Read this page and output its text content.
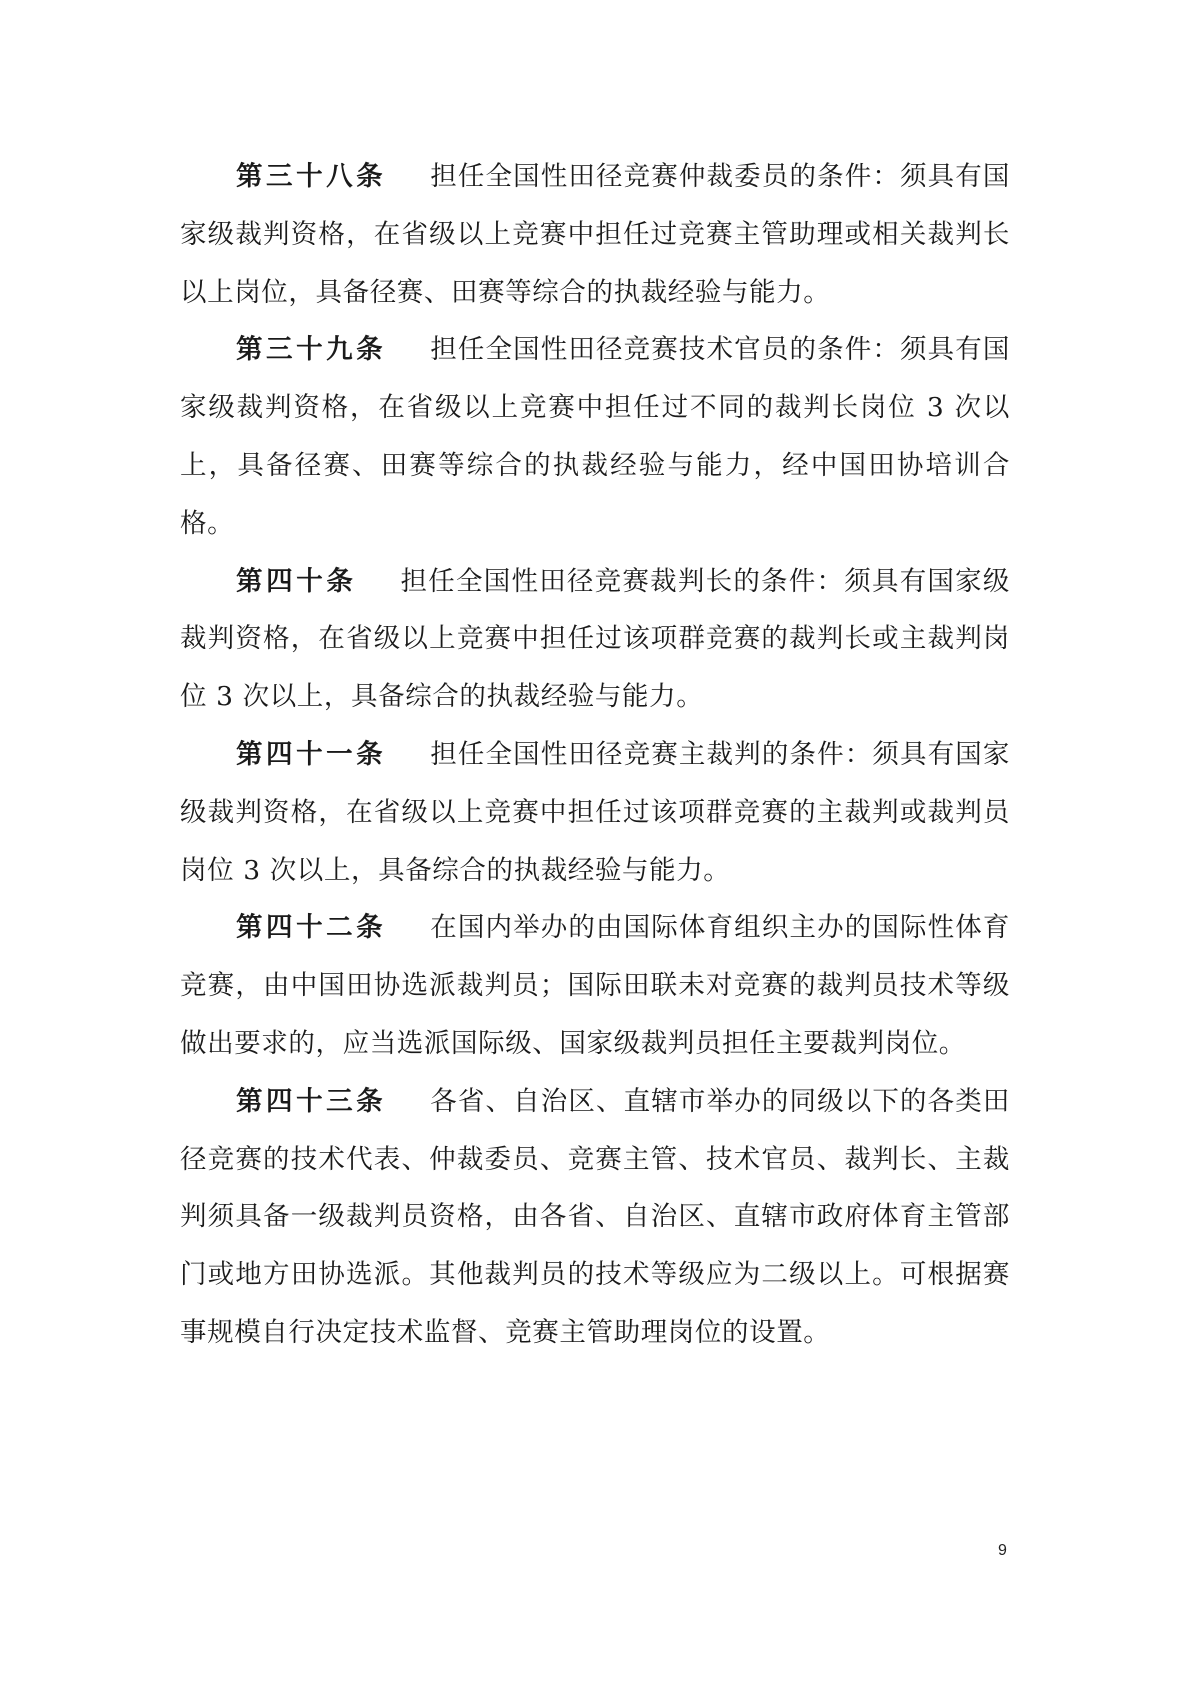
第三十八条 担任全国性田径竞赛仲裁委员的条件：须具有国家级裁判资格，在省级以上竞赛中担任过竞赛主管助理或相关裁判长以上岗位，具备径赛、田赛等综合的执裁经验与能力。

第三十九条 担任全国性田径竞赛技术官员的条件：须具有国家级裁判资格，在省级以上竞赛中担任过不同的裁判长岗位 3 次以上，具备径赛、田赛等综合的执裁经验与能力，经中国田协培训合格。

第四十条 担任全国性田径竞赛裁判长的条件：须具有国家级裁判资格，在省级以上竞赛中担任过该项群竞赛的裁判长或主裁判岗位 3 次以上，具备综合的执裁经验与能力。

第四十一条 担任全国性田径竞赛主裁判的条件：须具有国家级裁判资格，在省级以上竞赛中担任过该项群竞赛的主裁判或裁判员岗位 3 次以上，具备综合的执裁经验与能力。

第四十二条 在国内举办的由国际体育组织主办的国际性体育竞赛，由中国田协选派裁判员；国际田联未对竞赛的裁判员技术等级做出要求的，应当选派国际级、国家级裁判员担任主要裁判岗位。

第四十三条 各省、自治区、直辖市举办的同级以下的各类田径竞赛的技术代表、仲裁委员、竞赛主管、技术官员、裁判长、主裁判须具备一级裁判员资格，由各省、自治区、直辖市政府体育主管部门或地方田协选派。其他裁判员的技术等级应为二级以上。可根据赛事规模自行决定技术监督、竞赛主管助理岗位的设置。

9
